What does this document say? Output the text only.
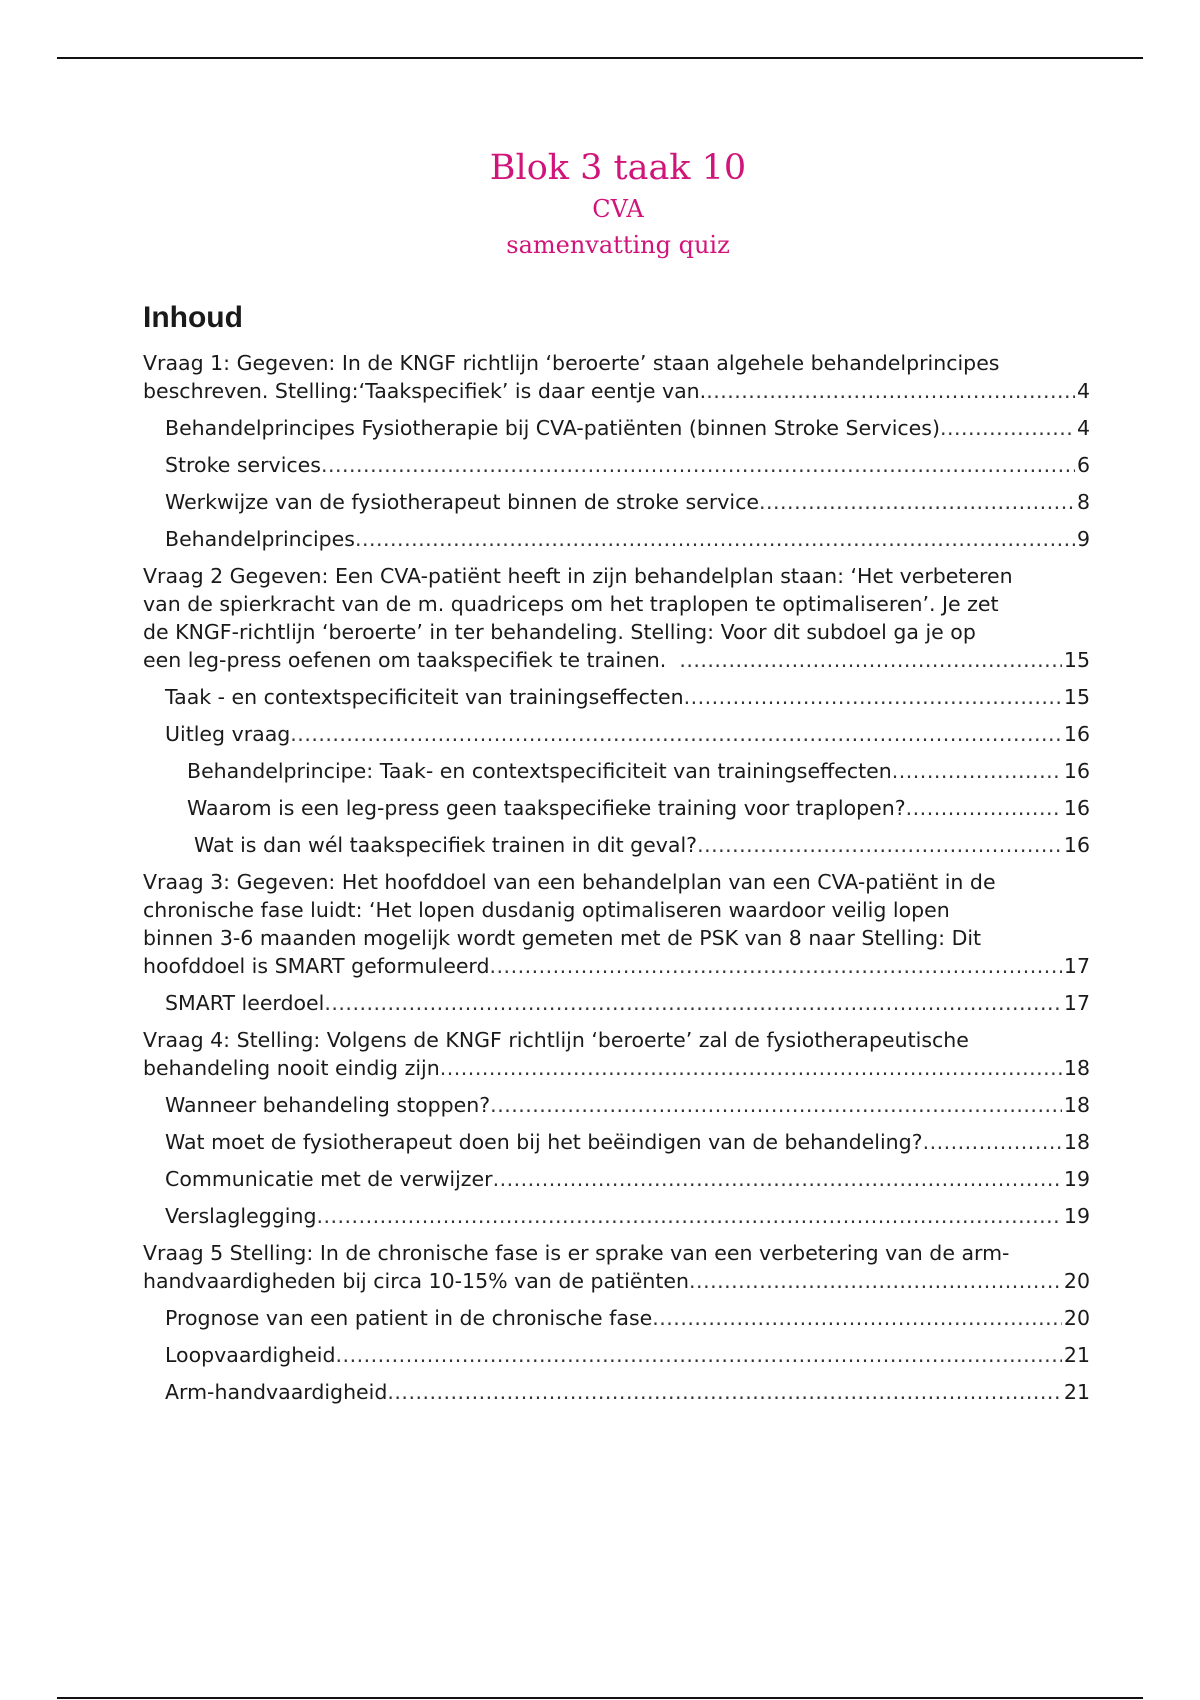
Blok 3 taak 10
CVA
samenvatting quiz
Inhoud
Vraag 1: Gegeven: In de KNGF richtlijn ‘beroerte’ staan algehele behandelprincipes

beschreven. Stelling:‘Taakspecifiek’ is daar eentje van. .....	4
Behandelprincipes Fysiotherapie bij CVA-patiënten (binnen Stroke Services) .....	4
Stroke services .....	6
Werkwijze van de fysiotherapeut binnen de stroke service .....	8
Behandelprincipes .....	9
Vraag 2 Gegeven: Een CVA-patiënt heeft in zijn behandelplan staan: ‘Het verbeteren
van de spierkracht van de m. quadriceps om het traplopen te optimaliseren’. Je zet
de KNGF-richtlijn ‘beroerte’ in ter behandeling. Stelling: Voor dit subdoel ga je op

een leg-press oefenen om taakspecifiek te trainen. .....	15
Taak - en contextspecificiteit van trainingseffecten .....	15
Uitleg vraag .....	16
Behandelprincipe: Taak- en contextspecificiteit van trainingseffecten .....	16
Waarom is een leg-press geen taakspecifieke training voor traplopen? .....	16
Wat is dan wél taakspecifiek trainen in dit geval? .....	16
Vraag 3: Gegeven: Het hoofddoel van een behandelplan van een CVA-patiënt in de
chronische fase luidt: ‘Het lopen dusdanig optimaliseren waardoor veilig lopen
binnen 3-6 maanden mogelijk wordt gemeten met de PSK van 8 naar Stelling: Dit

hoofddoel is SMART geformuleerd .....	17
SMART leerdoel .....	17
Vraag 4: Stelling: Volgens de KNGF richtlijn ‘beroerte’ zal de fysiotherapeutische

behandeling nooit eindig zijn .....	18
Wanneer behandeling stoppen? .....	18
Wat moet de fysiotherapeut doen bij het beëindigen van de behandeling? .....	18
Communicatie met de verwijzer .....	19
Verslaglegging .....	19
Vraag 5 Stelling: In de chronische fase is er sprake van een verbetering van de arm-

handvaardigheden bij circa 10-15% van de patiënten .....	20
Prognose van een patient in de chronische fase .....	20
Loopvaardigheid .....	21
Arm-handvaardigheid .....	21
